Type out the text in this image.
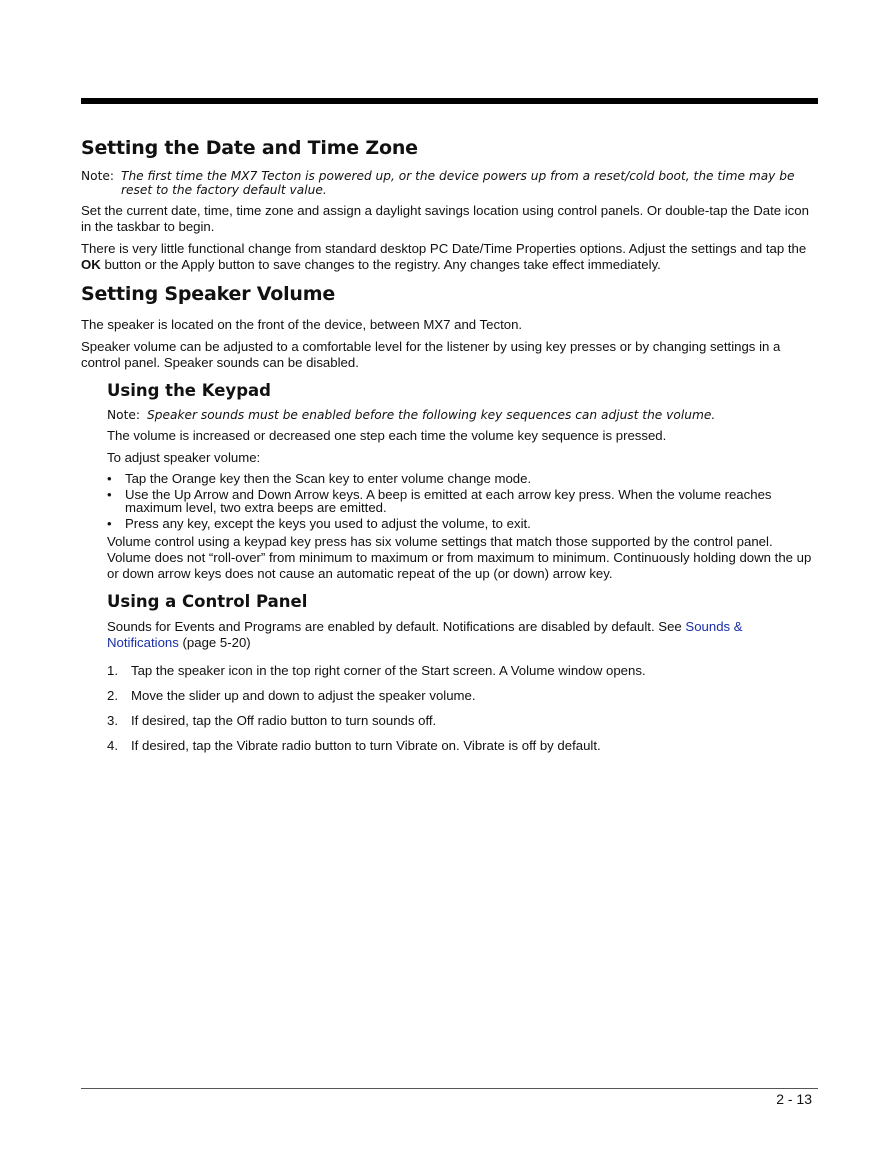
Setting the Date and Time Zone
Note: The first time the MX7 Tecton is powered up, or the device powers up from a reset/cold boot, the time may be reset to the factory default value.

Set the current date, time, time zone and assign a daylight savings location using control panels. Or double-tap the Date icon in the taskbar to begin.

There is very little functional change from standard desktop PC Date/Time Properties options. Adjust the settings and tap the OK button or the Apply button to save changes to the registry. Any changes take effect immediately.

Setting Speaker Volume

The speaker is located on the front of the device, between MX7 and Tecton.

Speaker volume can be adjusted to a comfortable level for the listener by using key presses or by changing settings in a control panel. Speaker sounds can be disabled.

Using the Keypad
Note: Speaker sounds must be enabled before the following key sequences can adjust the volume.

The volume is increased or decreased one step each time the volume key sequence is pressed.

To adjust speaker volume:

•	Tap the Orange key then the Scan key to enter volume change mode.
•	Use the Up Arrow and Down Arrow keys. A beep is emitted at each arrow key press. When the volume reaches maximum level, two extra beeps are emitted.
•	Press any key, except the keys you used to adjust the volume, to exit.

Volume control using a keypad key press has six volume settings that match those supported by the control panel. Volume does not “roll-over” from minimum to maximum or from maximum to minimum. Continuously holding down the up or down arrow keys does not cause an automatic repeat of the up (or down) arrow key.

Using a Control Panel

Sounds for Events and Programs are enabled by default. Notifications are disabled by default. See Sounds & Notifications (page 5-20)

1. Tap the speaker icon in the top right corner of the Start screen. A Volume window opens.
2. Move the slider up and down to adjust the speaker volume.
3. If desired, tap the Off radio button to turn sounds off.
4. If desired, tap the Vibrate radio button to turn Vibrate on. Vibrate is off by default.
2 - 13
